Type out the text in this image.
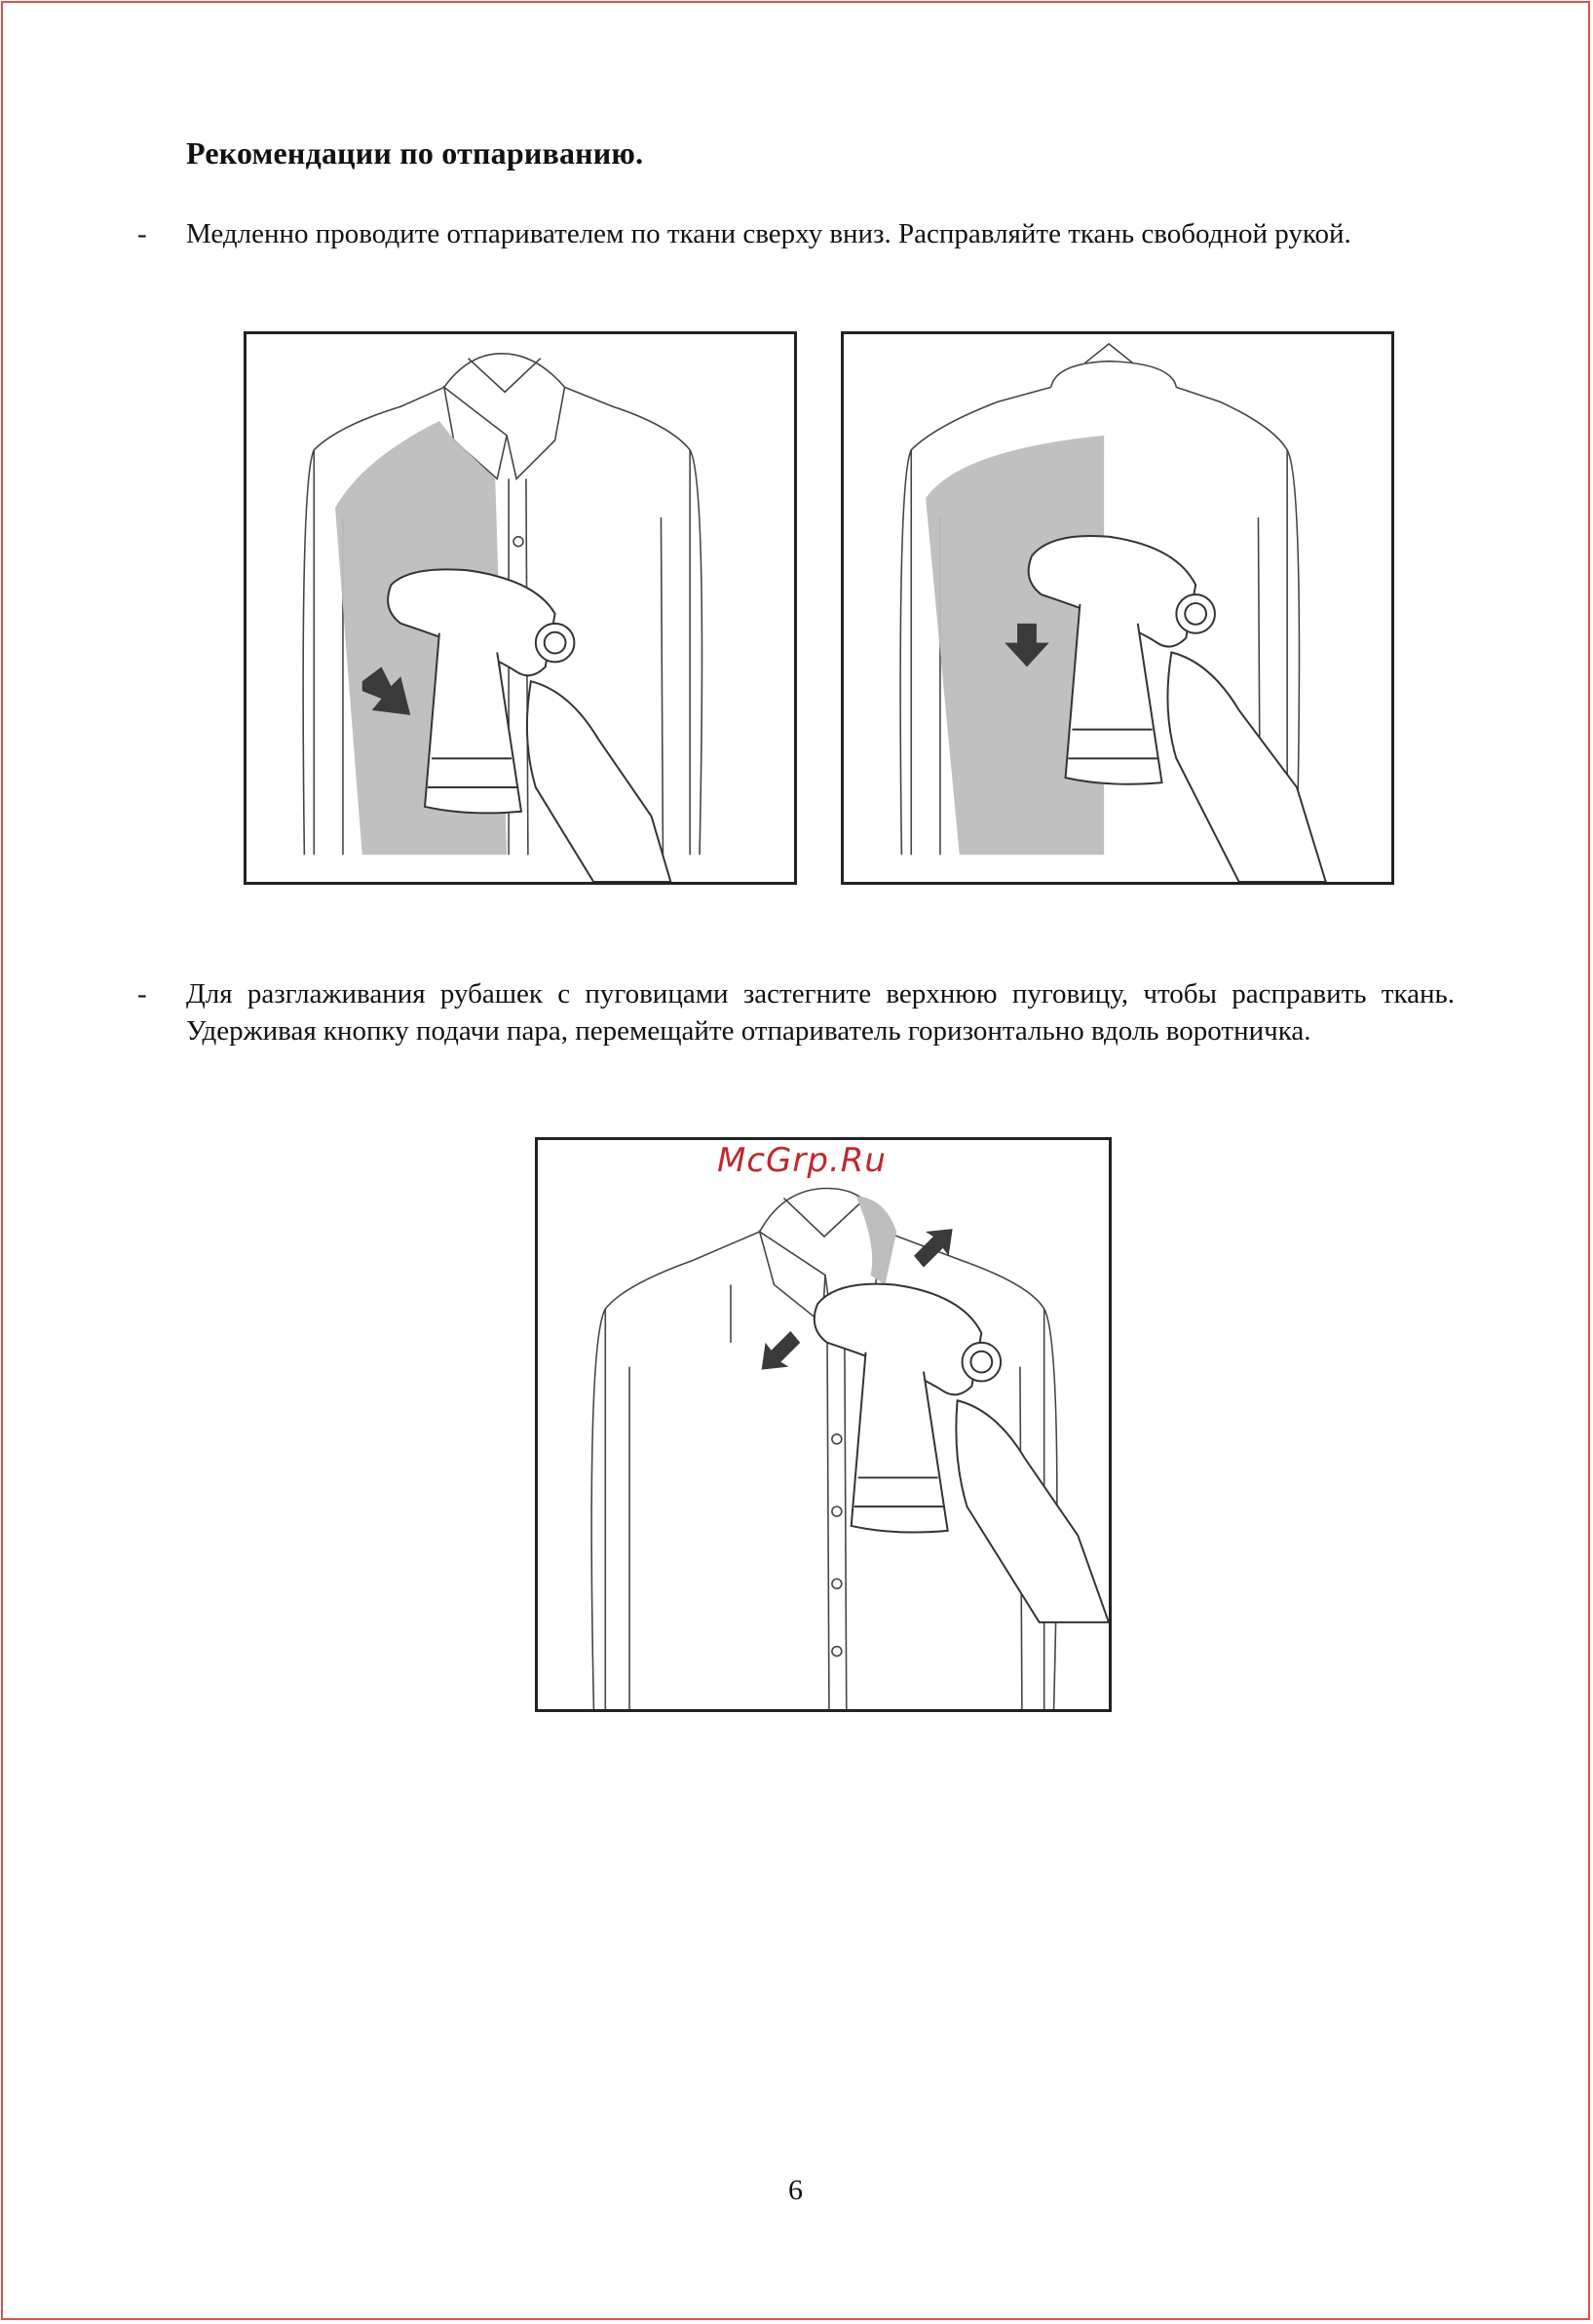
Рекомендации по отпариванию.
- Медленно проводите отпаривателем по ткани сверху вниз. Расправляйте ткань свободной рукой.
- Для разглаживания рубашек с пуговицами застегните верхнюю пуговицу, чтобы расправить ткань. Удерживая кнопку подачи пара, перемещайте отпариватель горизонтально вдоль воротничка.
McGrp.Ru
6
